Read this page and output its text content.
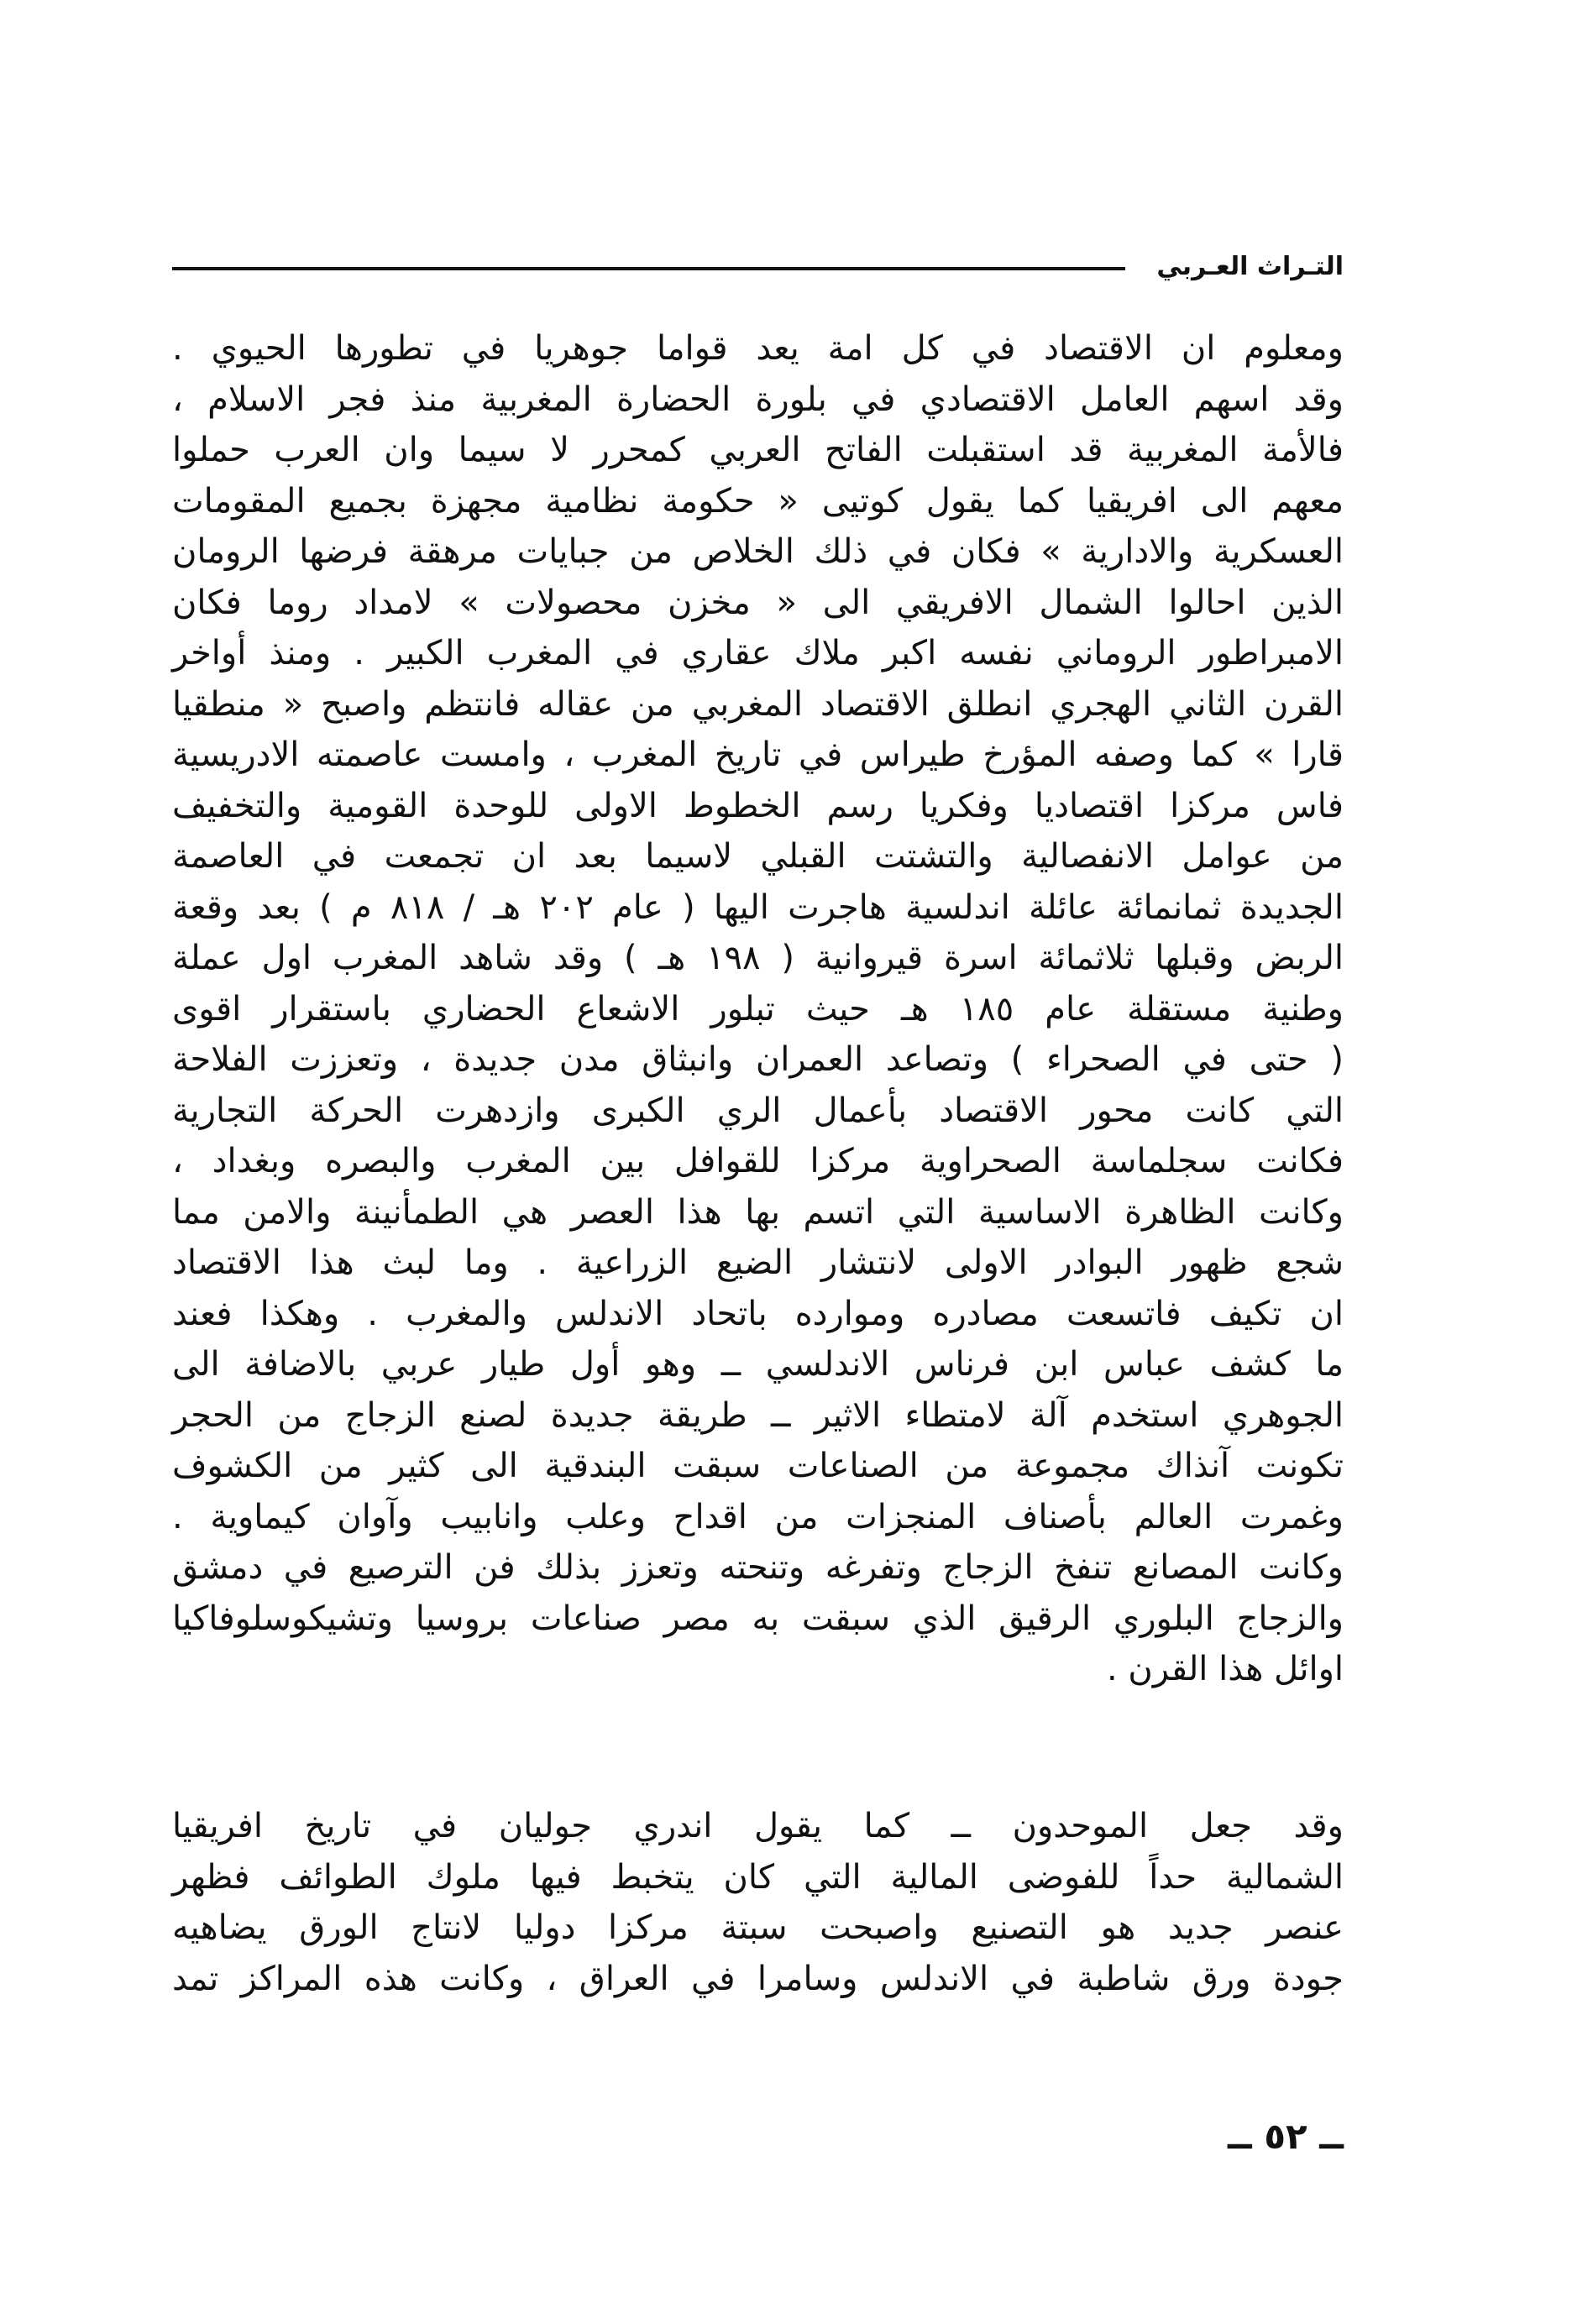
التـراث العـربي
ومعلوم ان الاقتصاد في كل امة يعد قواما جوهريا في تطورها الحيوي .
وقد اسهم العامل الاقتصادي في بلورة الحضارة المغربية منذ فجر الاسلام ،
فالأمة المغربية قد استقبلت الفاتح العربي كمحرر لا سيما وان العرب حملوا
معهم الى افريقيا كما يقول كوتيى « حكومة نظامية مجهزة بجميع المقومات
العسكرية والادارية » فكان في ذلك الخلاص من جبايات مرهقة فرضها الرومان
الذين احالوا الشمال الافريقي الى « مخزن محصولات » لامداد روما فكان
الامبراطور الروماني نفسه اكبر ملاك عقاري في المغرب الكبير . ومنذ أواخر
القرن الثاني الهجري انطلق الاقتصاد المغربي من عقاله فانتظم واصبح « منطقيا
قارا » كما وصفه المؤرخ طيراس في تاريخ المغرب ، وامست عاصمته الادريسية
فاس مركزا اقتصاديا وفكريا رسم الخطوط الاولى للوحدة القومية والتخفيف
من عوامل الانفصالية والتشتت القبلي لاسيما بعد ان تجمعت في العاصمة
الجديدة ثمانمائة عائلة اندلسية هاجرت اليها ( عام ٢٠٢ هـ / ٨١٨ م ) بعد وقعة
الربض وقبلها ثلاثمائة اسرة قيروانية ( ١٩٨ هـ ) وقد شاهد المغرب اول عملة
وطنية مستقلة عام ١٨٥ هـ حيث تبلور الاشعاع الحضاري باستقرار اقوى
( حتى في الصحراء ) وتصاعد العمران وانبثاق مدن جديدة ، وتعززت الفلاحة
التي كانت محور الاقتصاد بأعمال الري الكبرى وازدهرت الحركة التجارية
فكانت سجلماسة الصحراوية مركزا للقوافل بين المغرب والبصره وبغداد ،
وكانت الظاهرة الاساسية التي اتسم بها هذا العصر هي الطمأنينة والامن مما
شجع ظهور البوادر الاولى لانتشار الضيع الزراعية . وما لبث هذا الاقتصاد
ان تكيف فاتسعت مصادره وموارده باتحاد الاندلس والمغرب . وهكذا فعند
ما كشف عباس ابن فرناس الاندلسي ــ وهو أول طيار عربي بالاضافة الى
الجوهري استخدم آلة لامتطاء الاثير ــ طريقة جديدة لصنع الزجاج من الحجر
تكونت آنذاك مجموعة من الصناعات سبقت البندقية الى كثير من الكشوف
وغمرت العالم بأصناف المنجزات من اقداح وعلب وانابيب وآوان كيماوية .
وكانت المصانع تنفخ الزجاج وتفرغه وتنحته وتعزز بذلك فن الترصيع في دمشق
والزجاج البلوري الرقيق الذي سبقت به مصر صناعات بروسيا وتشيكوسلوفاكيا
اوائل هذا القرن .
وقد جعل الموحدون ــ كما يقول اندري جوليان في تاريخ افريقيا
الشمالية حداً للفوضى المالية التي كان يتخبط فيها ملوك الطوائف فظهر
عنصر جديد هو التصنيع واصبحت سبتة مركزا دوليا لانتاج الورق يضاهيه
جودة ورق شاطبة في الاندلس وسامرا في العراق ، وكانت هذه المراكز تمد
ــ ٥٢ ــ
